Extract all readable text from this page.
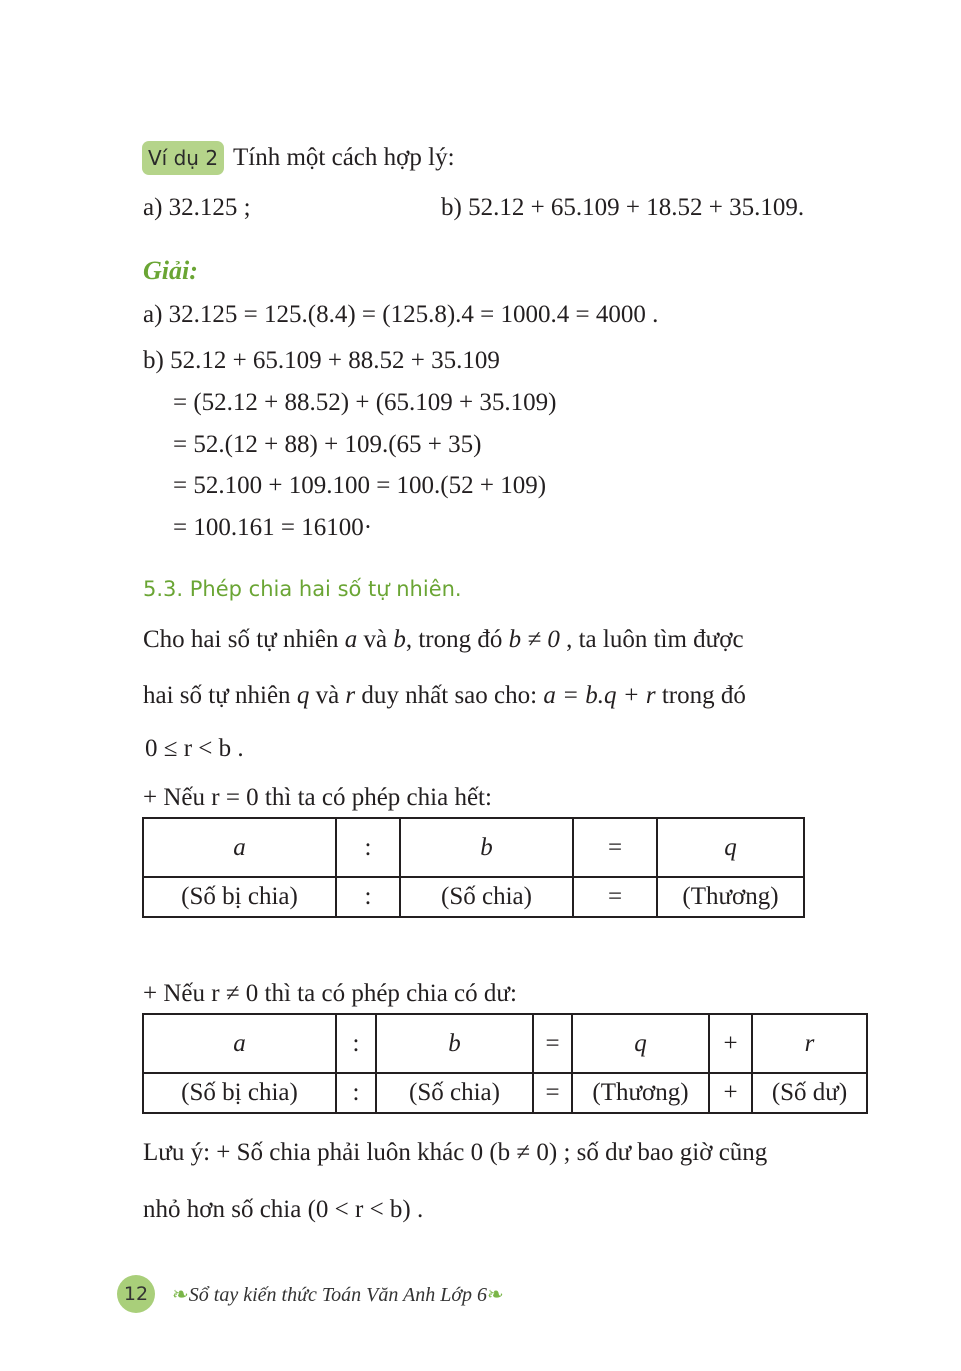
Ví dụ 2 Tính một cách hợp lý:
a) 32.125 ;	b) 52.12 + 65.109 + 18.52 + 35.109.
Giải:
a) 32.125 = 125.(8.4) = (125.8).4 = 1000.4 = 4000 .
b) 52.12 + 65.109 + 88.52 + 35.109
= (52.12 + 88.52) + (65.109 + 35.109)
= 52.(12 + 88) + 109.(65 + 35)
= 52.100 + 109.100 = 100.(52 + 109)
= 100.161 = 16100·
5.3. Phép chia hai số tự nhiên.
Cho hai số tự nhiên a và b, trong đó b ≠ 0 , ta luôn tìm được
hai số tự nhiên q và r duy nhất sao cho: a = b.q + r trong đó
0 ≤ r < b .
+ Nếu r = 0 thì ta có phép chia hết:
a	:	b	=	q
(Số bị chia)	:	(Số chia)	=	(Thương)
+ Nếu r ≠ 0 thì ta có phép chia có dư:
a	:	b	=	q	+	r
(Số bị chia)	:	(Số chia)	=	(Thương)	+	(Số dư)
Lưu ý: + Số chia phải luôn khác 0 (b ≠ 0) ; số dư bao giờ cũng
nhỏ hơn số chia (0 < r < b) .
12	❧Sổ tay kiến thức Toán Văn Anh Lớp 6❧
